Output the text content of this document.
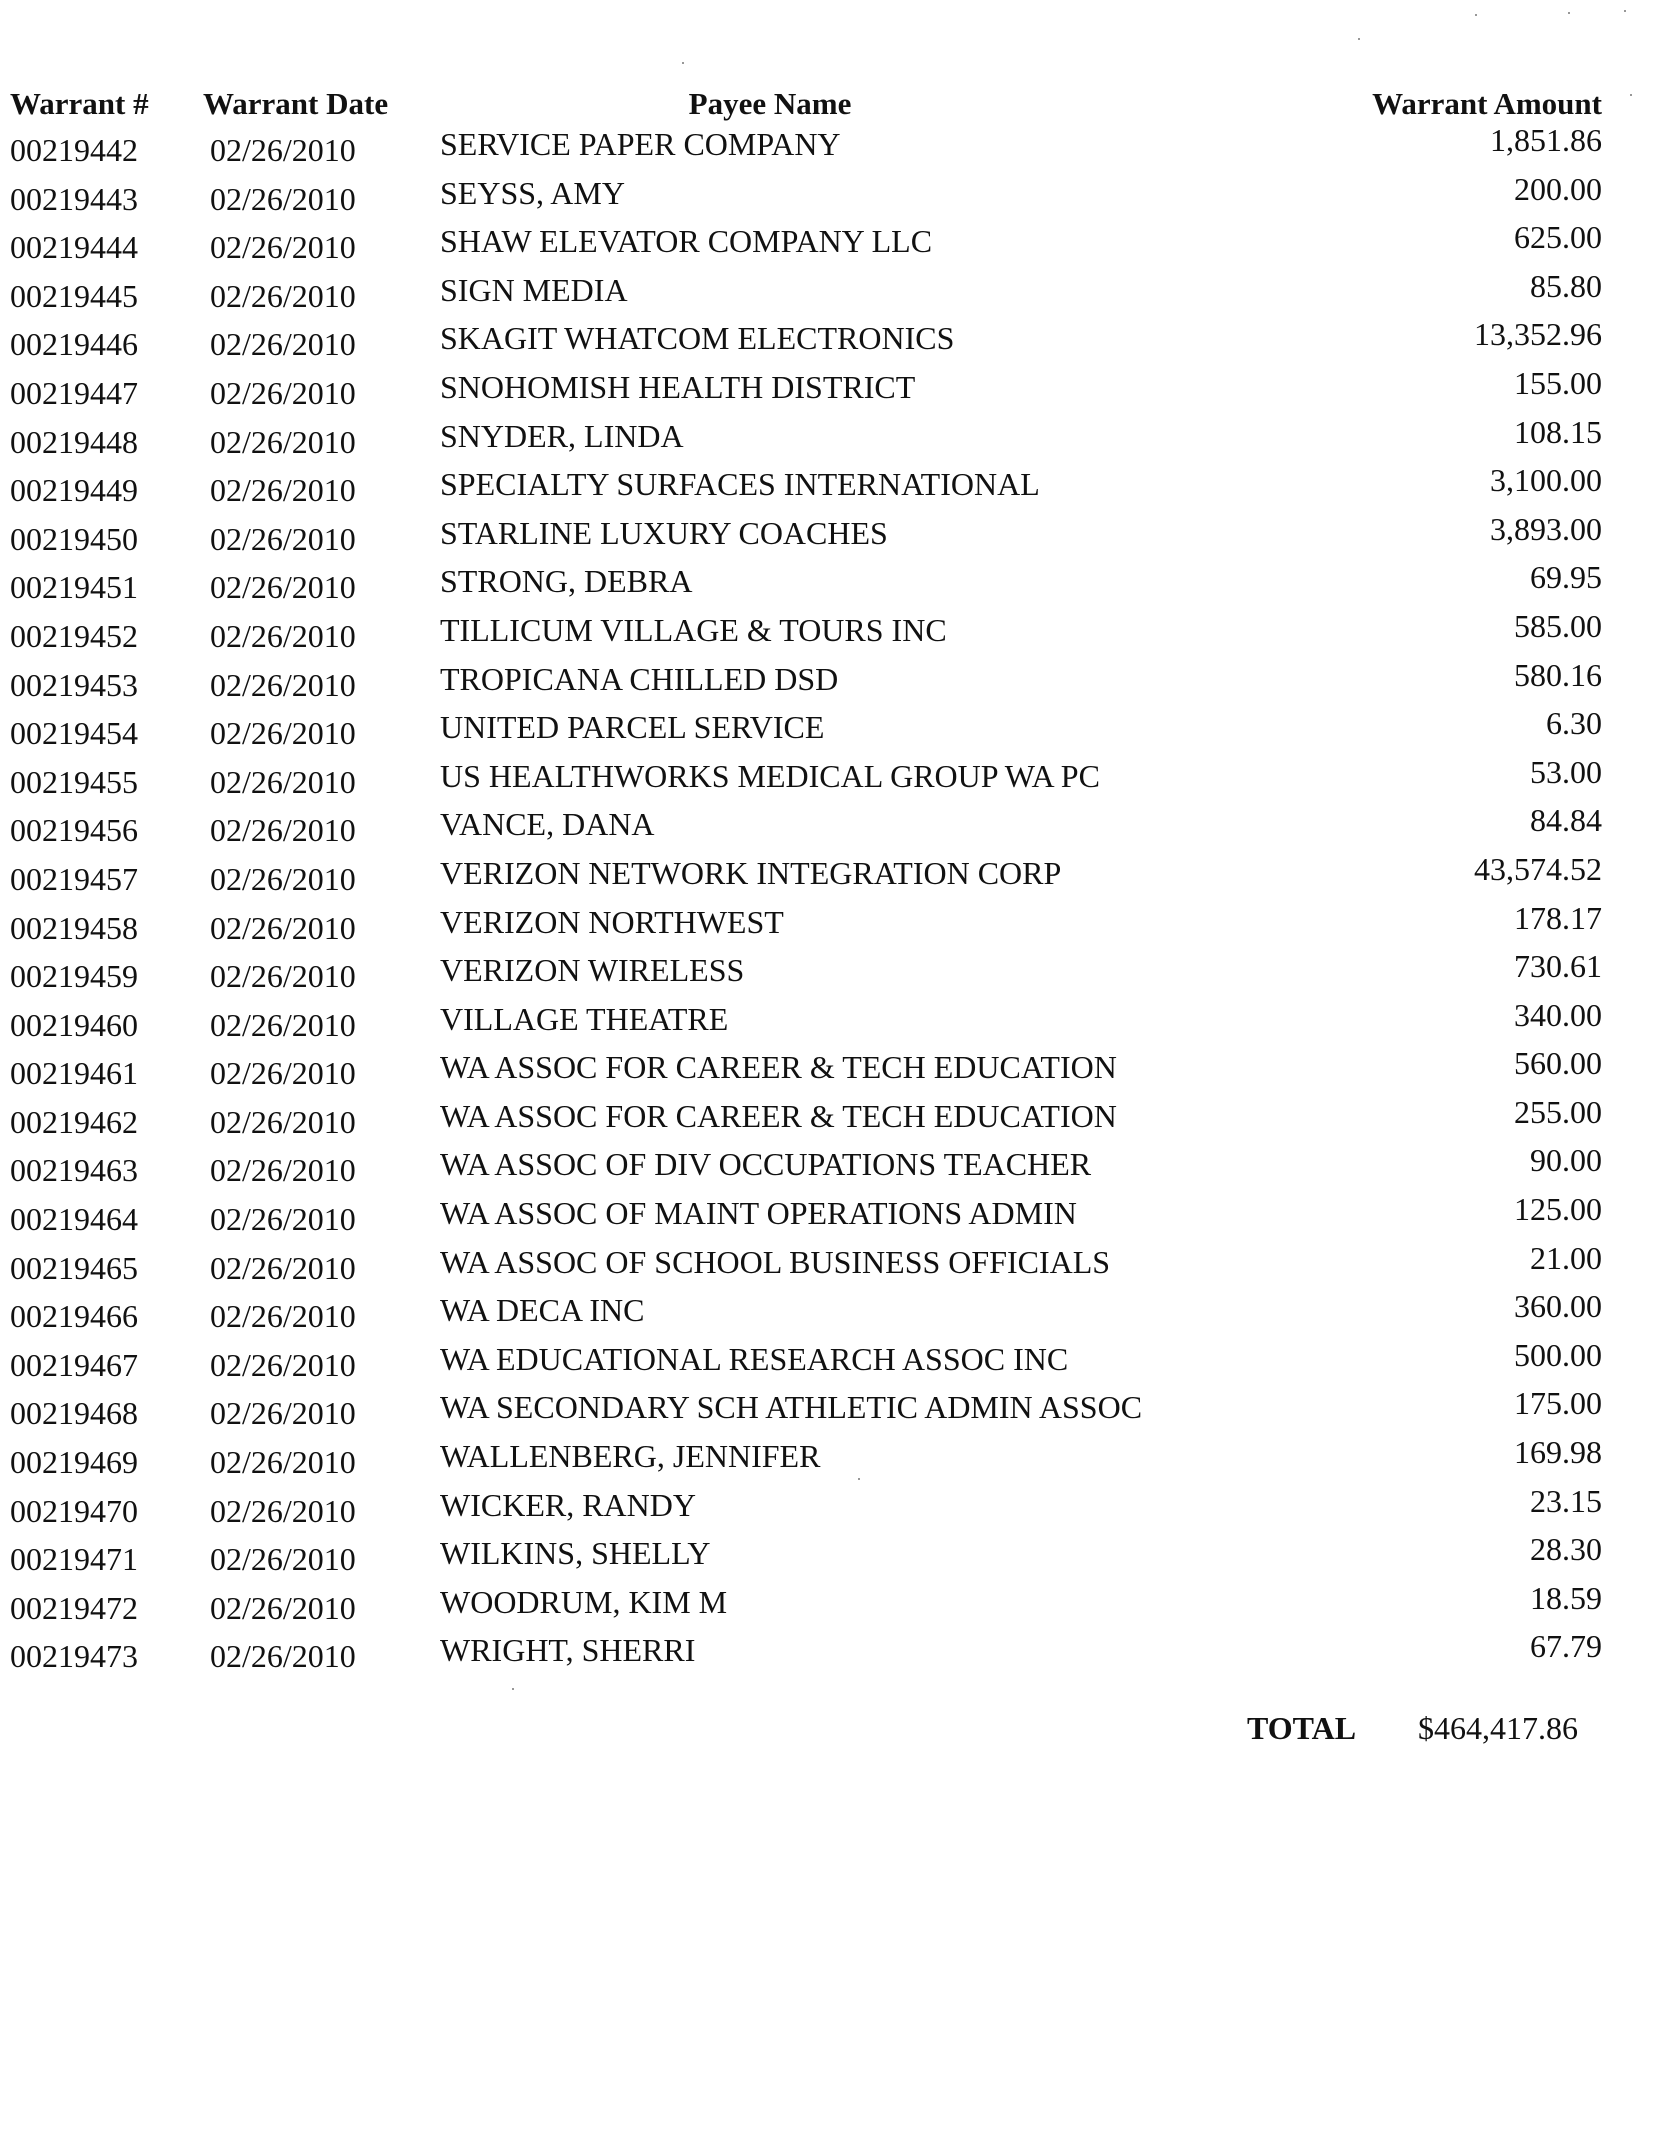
Warrant # Warrant Date	Payee Name	Warrant Amount
00219442 02/26/2010	SERVICE PAPER COMPANY	1,851.86
00219443 02/26/2010	SEYSS, AMY	200.00
00219444 02/26/2010	SHAW ELEVATOR COMPANY LLC	625.00
00219445 02/26/2010	SIGN MEDIA	85.80
00219446 02/26/2010	SKAGIT WHATCOM ELECTRONICS	13,352.96
00219447 02/26/2010	SNOHOMISH HEALTH DISTRICT	155.00
00219448 02/26/2010	SNYDER, LINDA	108.15
00219449 02/26/2010	SPECIALTY SURFACES INTERNATIONAL	3,100.00
00219450 02/26/2010	STARLINE LUXURY COACHES	3,893.00
00219451 02/26/2010	STRONG, DEBRA	69.95
00219452 02/26/2010	TILLICUM VILLAGE & TOURS INC	585.00
00219453 02/26/2010	TROPICANA CHILLED DSD	580.16
00219454 02/26/2010	UNITED PARCEL SERVICE	6.30
00219455 02/26/2010	US HEALTHWORKS MEDICAL GROUP WA PC	53.00
00219456 02/26/2010	VANCE, DANA	84.84
00219457 02/26/2010	VERIZON NETWORK INTEGRATION CORP	43,574.52
00219458 02/26/2010	VERIZON NORTHWEST	178.17
00219459 02/26/2010	VERIZON WIRELESS	730.61
00219460 02/26/2010	VILLAGE THEATRE	340.00
00219461 02/26/2010	WA ASSOC FOR CAREER & TECH EDUCATION	560.00
00219462 02/26/2010	WA ASSOC FOR CAREER & TECH EDUCATION	255.00
00219463 02/26/2010	WA ASSOC OF DIV OCCUPATIONS TEACHER	90.00
00219464 02/26/2010	WA ASSOC OF MAINT OPERATIONS ADMIN	125.00
00219465 02/26/2010	WA ASSOC OF SCHOOL BUSINESS OFFICIALS	21.00
00219466 02/26/2010	WA DECA INC	360.00
00219467 02/26/2010	WA EDUCATIONAL RESEARCH ASSOC INC	500.00
00219468 02/26/2010	WA SECONDARY SCH ATHLETIC ADMIN ASSOC	175.00
00219469 02/26/2010	WALLENBERG, JENNIFER	169.98
00219470 02/26/2010	WICKER, RANDY	23.15
00219471 02/26/2010	WILKINS, SHELLY	28.30
00219472 02/26/2010	WOODRUM, KIM M	18.59
00219473 02/26/2010	WRIGHT, SHERRI	67.79
TOTAL $464,417.86
